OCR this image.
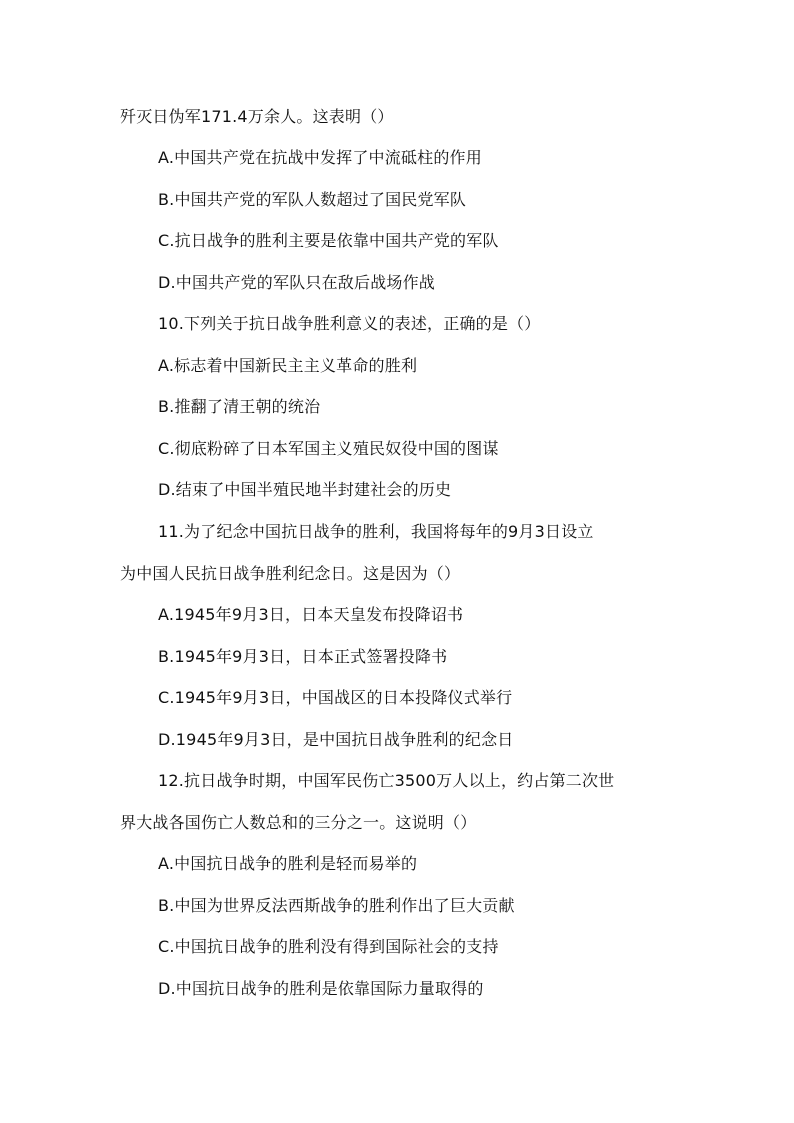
歼灭日伪军171.4万余人。这表明（）
A.中国共产党在抗战中发挥了中流砥柱的作用
B.中国共产党的军队人数超过了国民党军队
C.抗日战争的胜利主要是依靠中国共产党的军队
D.中国共产党的军队只在敌后战场作战
10.下列关于抗日战争胜利意义的表述，正确的是（）
A.标志着中国新民主主义革命的胜利
B.推翻了清王朝的统治
C.彻底粉碎了日本军国主义殖民奴役中国的图谋
D.结束了中国半殖民地半封建社会的历史
11.为了纪念中国抗日战争的胜利，我国将每年的9月3日设立
为中国人民抗日战争胜利纪念日。这是因为（）
A.1945年9月3日，日本天皇发布投降诏书
B.1945年9月3日，日本正式签署投降书
C.1945年9月3日，中国战区的日本投降仪式举行
D.1945年9月3日，是中国抗日战争胜利的纪念日
12.抗日战争时期，中国军民伤亡3500万人以上，约占第二次世
界大战各国伤亡人数总和的三分之一。这说明（）
A.中国抗日战争的胜利是轻而易举的
B.中国为世界反法西斯战争的胜利作出了巨大贡献
C.中国抗日战争的胜利没有得到国际社会的支持
D.中国抗日战争的胜利是依靠国际力量取得的
